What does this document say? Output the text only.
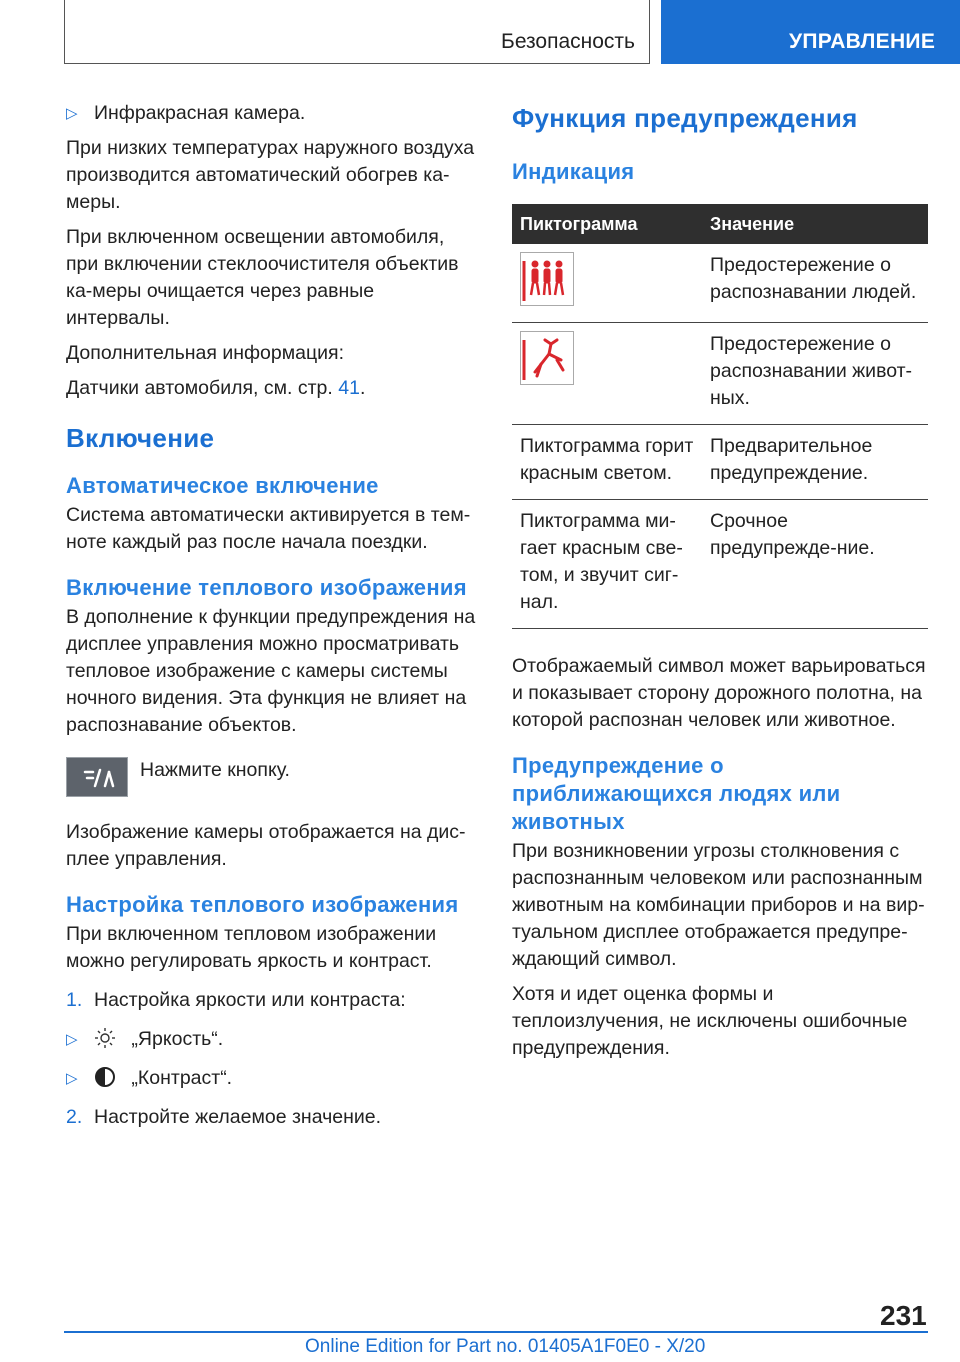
Безопасность	УПРАВЛЕНИЕ

▷ Инфракрасная камера.

При низких температурах наружного воздуха производится автоматический обогрев ка-меры.

При включенном освещении автомобиля, при включении стеклоочистителя объектив ка-меры очищается через равные интервалы.

Дополнительная информация:

Датчики автомобиля, см. стр. 41.

Включение
Автоматическое включение

Система автоматически активируется в тем-ноте каждый раз после начала поездки.

Включение теплового изображения

В дополнение к функции предупреждения на дисплее управления можно просматривать тепловое изображение с камеры системы ночного видения. Эта функция не влияет на распознавание объектов.

Нажмите кнопку.

Изображение камеры отображается на дис-плее управления.

Настройка теплового изображения

При включенном тепловом изображении можно регулировать яркость и контраст.

1. Настройка яркости или контраста:

▷	„Яркость“.

▷	„Контраст“.

2. Настройте желаемое значение.

Функция предупреждения
Индикация
Пиктограмма	Значение

	Предостережение о распознавании людей.

	Предостережение о распознавании живот-ных.
Пиктограмма горит красным светом.	Предварительное предупреждение.
Пиктограмма ми-гает красным све-том, и звучит сиг-нал.	Срочное предупрежде-ние.

Отображаемый символ может варьироваться и показывает сторону дорожного полотна, на которой распознан человек или животное.

Предупреждение о приближающихся людях или животных

При возникновении угрозы столкновения с распознанным человеком или распознанным животным на комбинации приборов и на вир-туальном дисплее отображается предупре-ждающий символ.

Хотя и идет оценка формы и теплоизлучения, не исключены ошибочные предупреждения.

231
Online Edition for Part no. 01405A1F0E0 - X/20
